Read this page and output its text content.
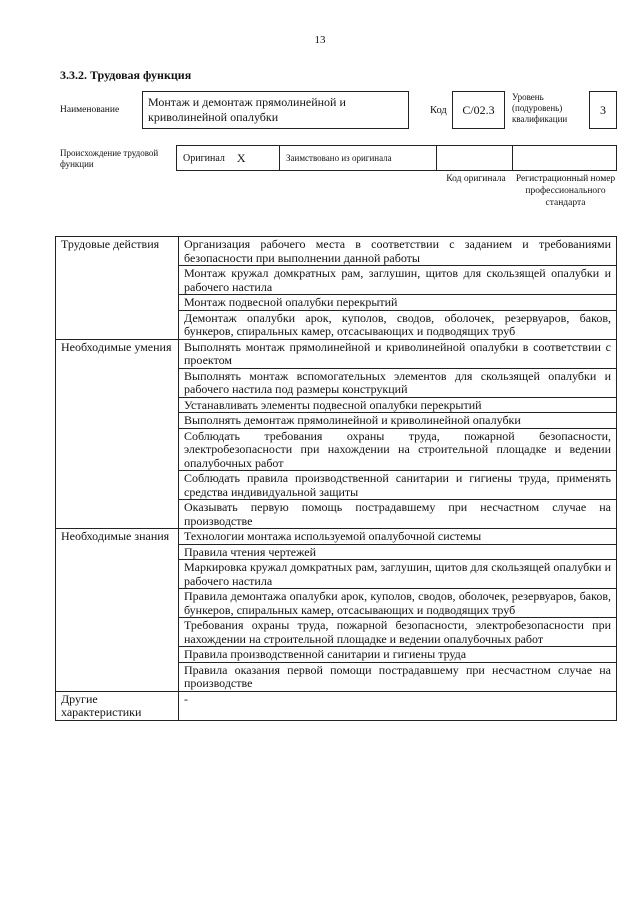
13
3.3.2. Трудовая функция
Наименование
Монтаж и демонтаж прямолинейной и криволинейной опалубки	Код	C/02.3
Уровень (подуровень) квалификации
3
Происхождение трудовой функции
Оригинал X	Заимствовано из оригинала
Код оригинала	Регистрационный номер профессионального стандарта
Трудовые действия	Организация рабочего места в соответствии с заданием и требованиями безопасности при выполнении данной работы
	Монтаж кружал домкратных рам, заглушин, щитов для скользящей опалубки и рабочего настила
	Монтаж подвесной опалубки перекрытий
	Демонтаж опалубки арок, куполов, сводов, оболочек, резервуаров, баков, бункеров, спиральных камер, отсасывающих и подводящих труб
Необходимые умения	Выполнять монтаж прямолинейной и криволинейной опалубки в соответствии с проектом
	Выполнять монтаж вспомогательных элементов для скользящей опалубки и рабочего настила под размеры конструкций
	Устанавливать элементы подвесной опалубки перекрытий
	Выполнять демонтаж прямолинейной и криволинейной опалубки
	Соблюдать требования охраны труда, пожарной безопасности, электробезопасности при нахождении на строительной площадке и ведении опалубочных работ
	Соблюдать правила производственной санитарии и гигиены труда, применять средства индивидуальной защиты
	Оказывать первую помощь пострадавшему при несчастном случае на производстве
Необходимые знания	Технологии монтажа используемой опалубочной системы
	Правила чтения чертежей
	Маркировка кружал домкратных рам, заглушин, щитов для скользящей опалубки и рабочего настила
	Правила демонтажа опалубки арок, куполов, сводов, оболочек, резервуаров, баков, бункеров, спиральных камер, отсасывающих и подводящих труб
	Требования охраны труда, пожарной безопасности, электробезопасности при нахождении на строительной площадке и ведении опалубочных работ
	Правила производственной санитарии и гигиены труда
	Правила оказания первой помощи пострадавшему при несчастном случае на производстве
Другие характеристики	-
